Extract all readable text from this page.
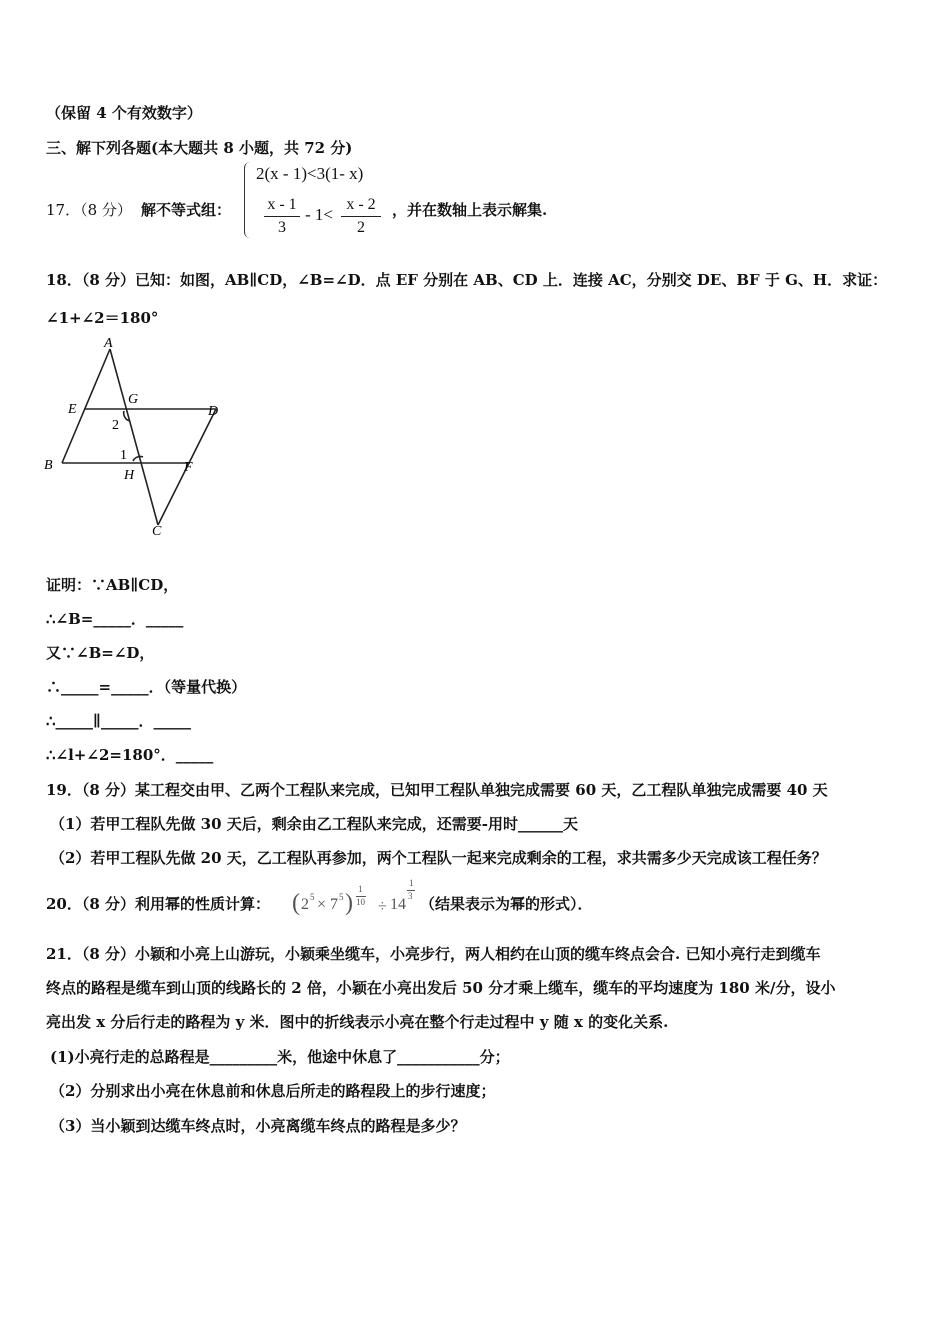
（保留 4 个有效数字）
三、解下列各题(本大题共 8 小题，共 72 分)
17．（8 分） 解不等式组：
2(x - 1)<3(1- x)
x - 1
3
- 1<
x - 2
2
，并在数轴上表示解集.
18．（8 分）已知：如图，AB∥CD，∠B=∠D．点 EF 分别在 AB、CD 上．连接 AC，分别交 DE、BF 于 G、H．求证：
∠1+∠2＝180°
A
G
E	D
2
B
1
F
H
C
证明：∵AB∥CD，
∴∠B=_____．_____
又∵∠B=∠D，
∴_____=_____．（等量代换）
∴_____∥_____．_____
∴∠l+∠2=180°．_____
19．（8 分）某工程交由甲、乙两个工程队来完成，已知甲工程队单独完成需要 60 天，乙工程队单独完成需要 40 天
（1）若甲工程队先做 30 天后，剩余由乙工程队来完成，还需要-用时______天
（2）若甲工程队先做 20 天，乙工程队再参加，两个工程队一起来完成剩余的工程，求共需多少天完成该工程任务？
20．（8 分）利用幂的性质计算： ( 2 5 × 7 5 )
1
10 ÷ 14
1
3 （结果表示为幂的形式）．
21．（8 分）小颖和小亮上山游玩，小颖乘坐缆车，小亮步行，两人相约在山顶的缆车终点会合. 已知小亮行走到缆车
终点的路程是缆车到山顶的线路长的 2 倍，小颖在小亮出发后 50 分才乘上缆车，缆车的平均速度为 180 米/分，设小
亮出发 x 分后行走的路程为 y 米．图中的折线表示小亮在整个行走过程中 y 随 x 的变化关系.
(1)小亮行走的总路程是_________米，他途中休息了___________分；
（2）分别求出小亮在休息前和休息后所走的路程段上的步行速度；
（3）当小颖到达缆车终点时，小亮离缆车终点的路程是多少？
